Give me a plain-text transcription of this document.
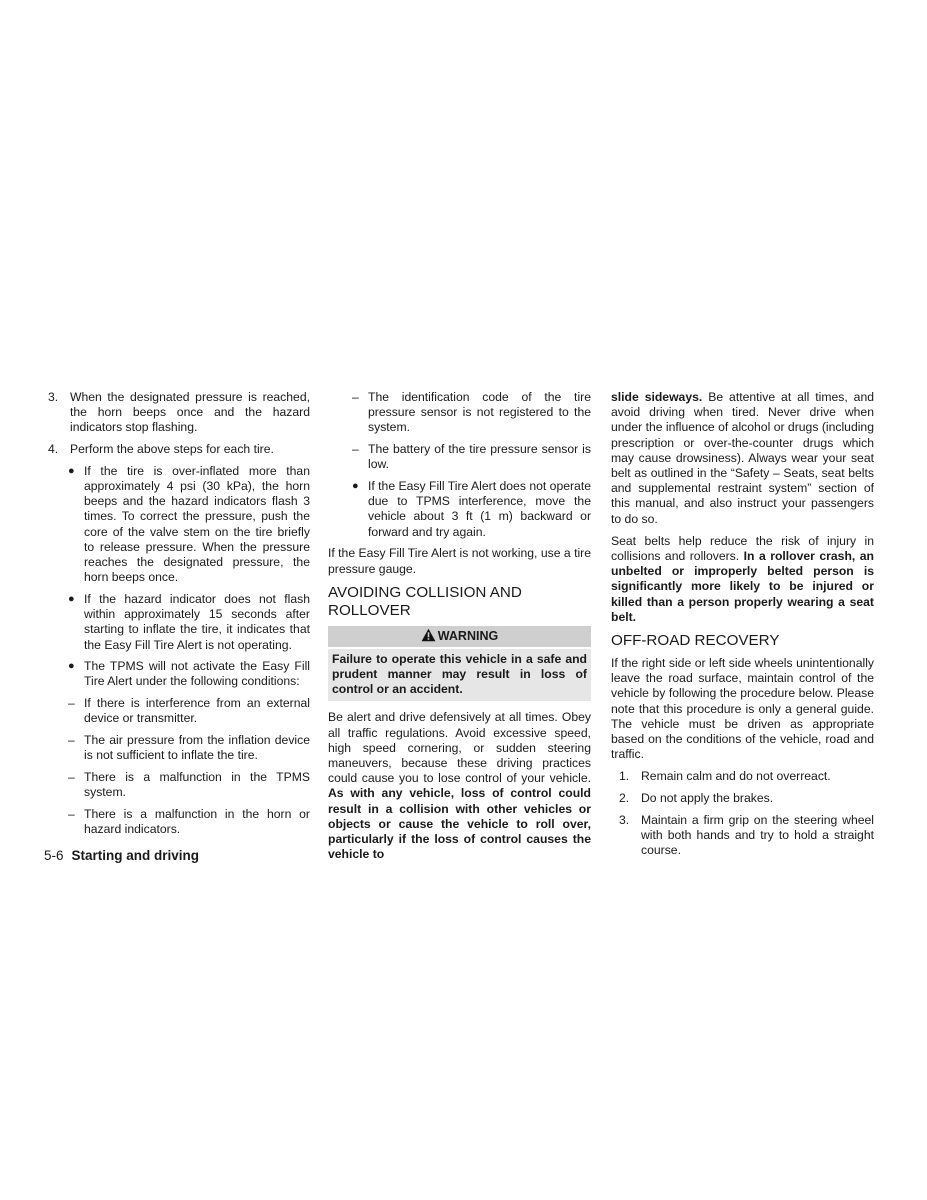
3. When the designated pressure is reached, the horn beeps once and the hazard indicators stop flashing.
4. Perform the above steps for each tire.
● If the tire is over-inflated more than approximately 4 psi (30 kPa), the horn beeps and the hazard indicators flash 3 times. To correct the pressure, push the core of the valve stem on the tire briefly to release pressure. When the pressure reaches the designated pressure, the horn beeps once.
● If the hazard indicator does not flash within approximately 15 seconds after starting to inflate the tire, it indicates that the Easy Fill Tire Alert is not operating.
● The TPMS will not activate the Easy Fill Tire Alert under the following conditions:
– If there is interference from an external device or transmitter.
– The air pressure from the inflation device is not sufficient to inflate the tire.
– There is a malfunction in the TPMS system.
– There is a malfunction in the horn or hazard indicators.
– The identification code of the tire pressure sensor is not registered to the system.
– The battery of the tire pressure sensor is low.
● If the Easy Fill Tire Alert does not operate due to TPMS interference, move the vehicle about 3 ft (1 m) backward or forward and try again.

If the Easy Fill Tire Alert is not working, use a tire pressure gauge.

AVOIDING COLLISION AND ROLLOVER
WARNING
Failure to operate this vehicle in a safe and prudent manner may result in loss of control or an accident.

Be alert and drive defensively at all times. Obey all traffic regulations. Avoid excessive speed, high speed cornering, or sudden steering maneuvers, because these driving practices could cause you to lose control of your vehicle. As with any vehicle, loss of control could result in a collision with other vehicles or objects or cause the vehicle to roll over, particularly if the loss of control causes the vehicle to

slide sideways. Be attentive at all times, and avoid driving when tired. Never drive when under the influence of alcohol or drugs (including prescription or over-the-counter drugs which may cause drowsiness). Always wear your seat belt as outlined in the “Safety – Seats, seat belts and supplemental restraint system” section of this manual, and also instruct your passengers to do so.

Seat belts help reduce the risk of injury in collisions and rollovers. In a rollover crash, an unbelted or improperly belted person is significantly more likely to be injured or killed than a person properly wearing a seat belt.

OFF-ROAD RECOVERY

If the right side or left side wheels unintentionally leave the road surface, maintain control of the vehicle by following the procedure below. Please note that this procedure is only a general guide. The vehicle must be driven as appropriate based on the conditions of the vehicle, road and traffic.

1. Remain calm and do not overreact.
2. Do not apply the brakes.
3. Maintain a firm grip on the steering wheel with both hands and try to hold a straight course.
5-6 Starting and driving
